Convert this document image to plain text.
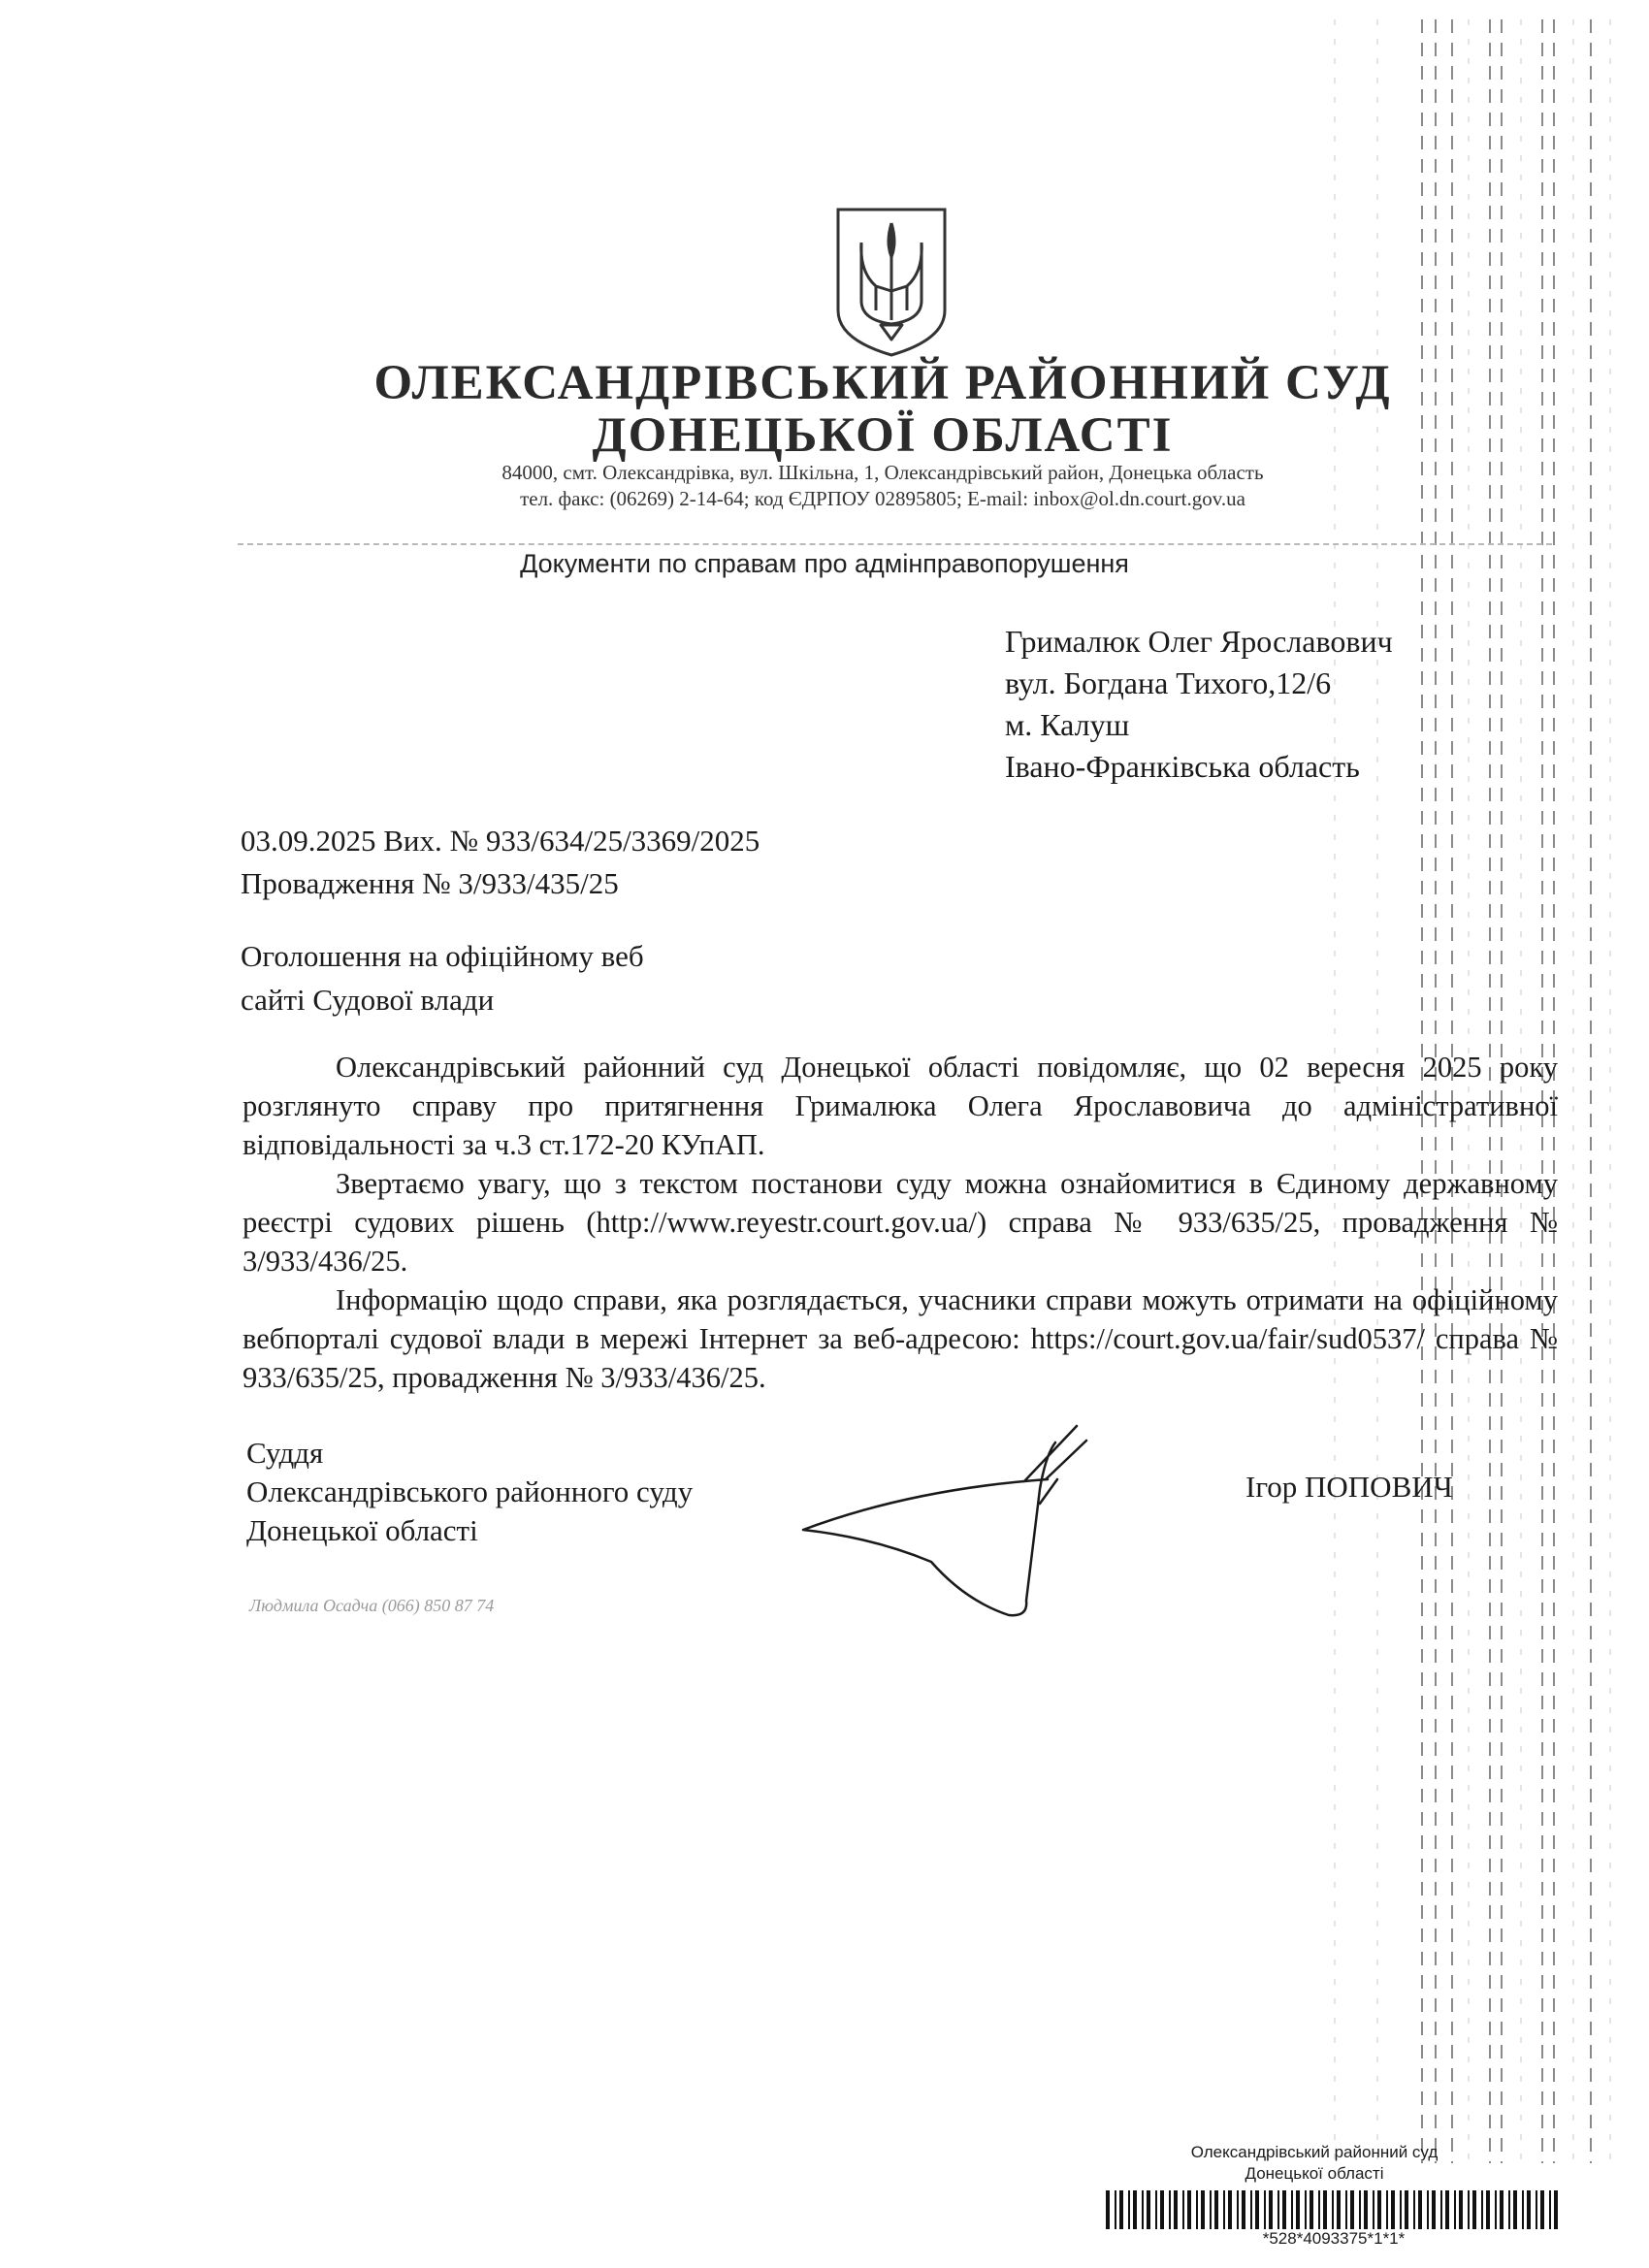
ОЛЕКСАНДРІВСЬКИЙ РАЙОННИЙ СУД
ДОНЕЦЬКОЇ ОБЛАСТІ
84000, смт. Олександрівка, вул. Шкільна, 1, Олександрівський район, Донецька область
тел. факс: (06269) 2-14-64; код ЄДРПОУ 02895805; E-mail: inbox@ol.dn.court.gov.ua
Документи по справам про адмінправопорушення
Грималюк Олег Ярославович
вул. Богдана Тихого,12/6
м. Калуш
Івано-Франківська область
03.09.2025 Вих. № 933/634/25/3369/2025
Провадження № 3/933/435/25
Оголошення на офіційному веб
сайті Судової влади

Олександрівський районний суд Донецької області повідомляє, що 02 вересня 2025 року розглянуто справу про притягнення Грималюка Олега Ярославовича до адміністративної відповідальності за ч.3 ст.172-20 КУпАП.

Звертаємо увагу, що з текстом постанови суду можна ознайомитися в Єдиному державному реєстрі судових рішень (http://www.reyestr.court.gov.ua/) справа № 933/635/25, провадження № 3/933/436/25.

Інформацію щодо справи, яка розглядається, учасники справи можуть отримати на офіційному вебпорталі судової влади в мережі Інтернет за веб-адресою: https://court.gov.ua/fair/sud0537/ справа № 933/635/25, провадження № 3/933/436/25.

Суддя
Олександрівського районного суду
Донецької області
Ігор ПОПОВИЧ
Людмила Осадча (066) 850 87 74
Олександрівський районний суд
Донецької області
*528*4093375*1*1*
